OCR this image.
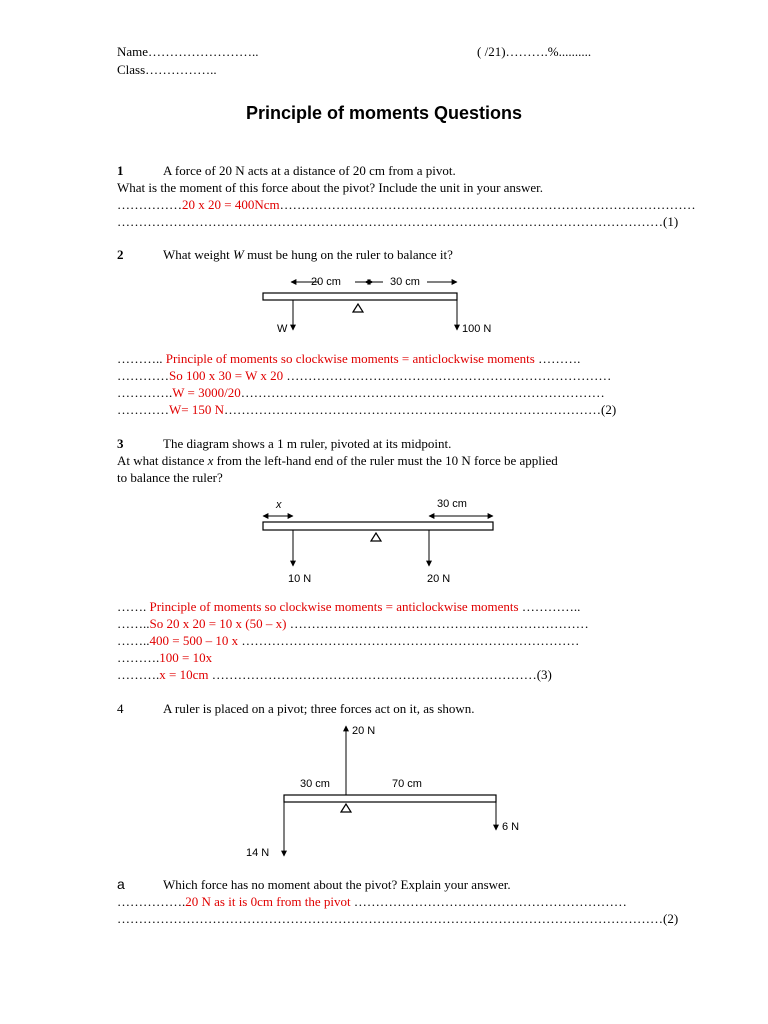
Name……………………..	( /21)……….%..........
Class……………..
Principle of moments Questions
1	A force of 20 N acts at a distance of 20 cm from a pivot.
What is the moment of this force about the pivot? Include the unit in your answer.
……………20 x 20 = 400Ncm……………………………………………………………………………………
………………………………………………………………………………………………………………(1)
2	What weight W must be hung on the ruler to balance it?
20 cm	30 cm
W	100 N
……….. Principle of moments so clockwise moments = anticlockwise moments ……….
…………So 100 x 30 = W x 20 …………………………………………………………………
………….W = 3000/20…………………………………………………………………………
…………W= 150 N……………………………………………………………………………(2)
3	The diagram shows a 1 m ruler, pivoted at its midpoint.
At what distance x from the left-hand end of the ruler must the 10 N force be applied
to balance the ruler?
x	30 cm
10 N	20 N
……. Principle of moments so clockwise moments = anticlockwise moments …………..
……..So 20 x 20 = 10 x (50 – x) ……………………………………………………………
……..400 = 500 – 10 x ……………………………………………………………………
……….100 = 10x
……….x = 10cm …………………………………………………………………(3)
4	A ruler is placed on a pivot; three forces act on it, as shown.
20 N
30 cm	70 cm
14 N
6 N
a	Which force has no moment about the pivot? Explain your answer.
…………….20 N as it is 0cm from the pivot ………………………………………………………
………………………………………………………………………………………………………………(2)
